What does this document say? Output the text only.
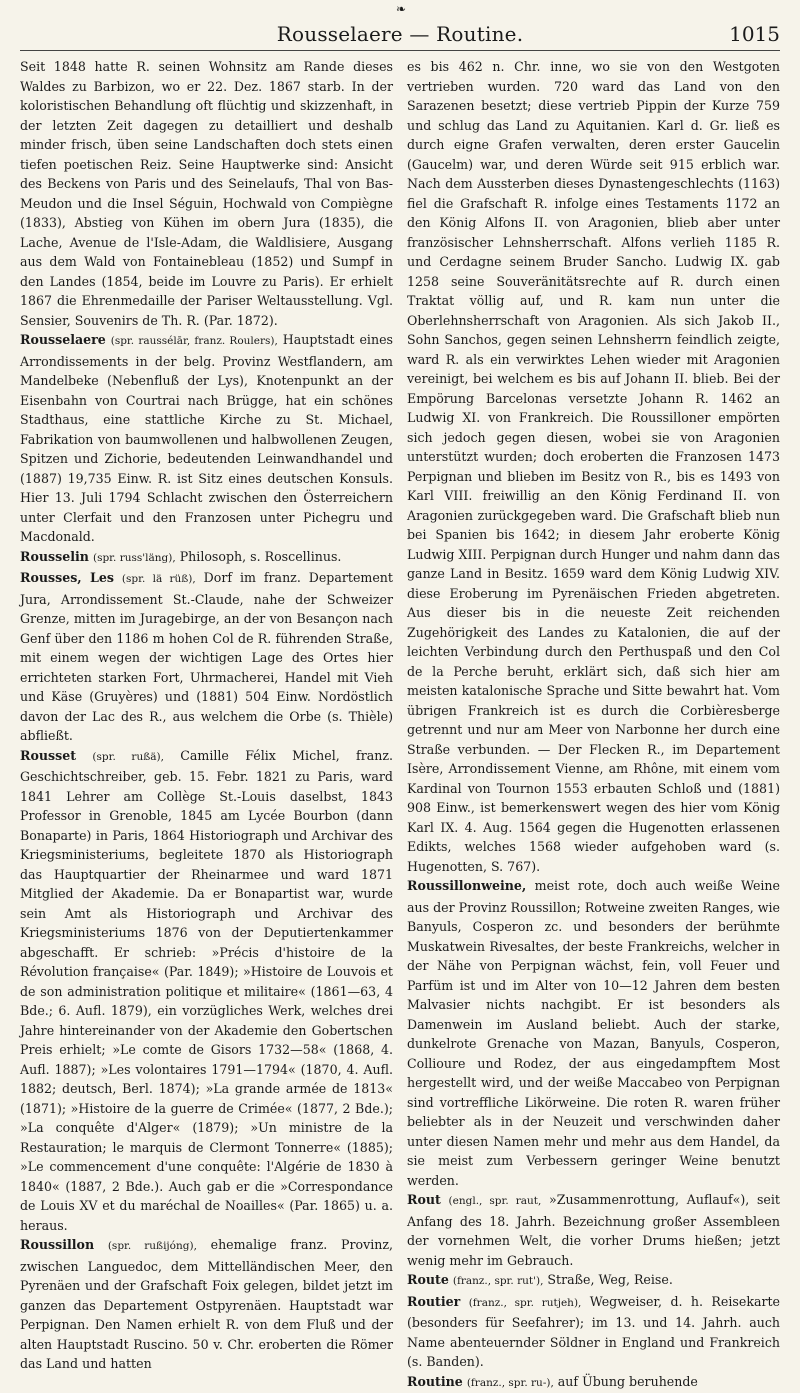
❧
Rousselaere — Routine.	1015

Seit 1848 hatte R. seinen Wohnsitz am Rande dieses Waldes zu Barbizon, wo er 22. Dez. 1867 starb. In der koloristischen Behandlung oft flüchtig und skizzenhaft, in der letzten Zeit dagegen zu detailliert und deshalb minder frisch, üben seine Landschaften doch stets einen tiefen poetischen Reiz. Seine Hauptwerke sind: Ansicht des Beckens von Paris und des Seinelaufs, Thal von Bas-Meudon und die Insel Séguin, Hochwald von Compiègne (1833), Abstieg von Kühen im obern Jura (1835), die Lache, Avenue de l'Isle-Adam, die Waldlisiere, Ausgang aus dem Wald von Fontainebleau (1852) und Sumpf in den Landes (1854, beide im Louvre zu Paris). Er erhielt 1867 die Ehrenmedaille der Pariser Weltausstellung. Vgl. Sensier, Souvenirs de Th. R. (Par. 1872).

Rousselaere (spr. raussélār, franz. Roulers), Hauptstadt eines Arrondissements in der belg. Provinz Westflandern, am Mandelbeke (Nebenfluß der Lys), Knotenpunkt an der Eisenbahn von Courtrai nach Brügge, hat ein schönes Stadthaus, eine stattliche Kirche zu St. Michael, Fabrikation von baumwollenen und halbwollenen Zeugen, Spitzen und Zichorie, bedeutenden Leinwandhandel und (1887) 19,735 Einw. R. ist Sitz eines deutschen Konsuls. Hier 13. Juli 1794 Schlacht zwischen den Österreichern unter Clerfait und den Franzosen unter Pichegru und Macdonald.

Rousselin (spr. russ'läng), Philosoph, s. Roscellinus.

Rousses, Les (spr. lä rüß), Dorf im franz. Departement Jura, Arrondissement St.-Claude, nahe der Schweizer Grenze, mitten im Juragebirge, an der von Besançon nach Genf über den 1186 m hohen Col de R. führenden Straße, mit einem wegen der wichtigen Lage des Ortes hier errichteten starken Fort, Uhrmacherei, Handel mit Vieh und Käse (Gruyères) und (1881) 504 Einw. Nordöstlich davon der Lac des R., aus welchem die Orbe (s. Thièle) abfließt.

Rousset (spr. rußä), Camille Félix Michel, franz. Geschichtschreiber, geb. 15. Febr. 1821 zu Paris, ward 1841 Lehrer am Collège St.-Louis daselbst, 1843 Professor in Grenoble, 1845 am Lycée Bourbon (dann Bonaparte) in Paris, 1864 Historiograph und Archivar des Kriegsministeriums, begleitete 1870 als Historiograph das Hauptquartier der Rheinarmee und ward 1871 Mitglied der Akademie. Da er Bonapartist war, wurde sein Amt als Historiograph und Archivar des Kriegsministeriums 1876 von der Deputiertenkammer abgeschafft. Er schrieb: »Précis d'histoire de la Révolution française« (Par. 1849); »Histoire de Louvois et de son administration politique et militaire« (1861—63, 4 Bde.; 6. Aufl. 1879), ein vorzügliches Werk, welches drei Jahre hintereinander von der Akademie den Gobertschen Preis erhielt; »Le comte de Gisors 1732—58« (1868, 4. Aufl. 1887); »Les volontaires 1791—1794« (1870, 4. Aufl. 1882; deutsch, Berl. 1874); »La grande armée de 1813« (1871); »Histoire de la guerre de Crimée« (1877, 2 Bde.); »La conquête d'Alger« (1879); »Un ministre de la Restauration; le marquis de Clermont Tonnerre« (1885); »Le commencement d'une conquête: l'Algérie de 1830 à 1840« (1887, 2 Bde.). Auch gab er die »Correspondance de Louis XV et du maréchal de Noailles« (Par. 1865) u. a. heraus.

Roussillon (spr. rußijóng), ehemalige franz. Provinz, zwischen Languedoc, dem Mittelländischen Meer, den Pyrenäen und der Grafschaft Foix gelegen, bildet jetzt im ganzen das Departement Ostpyrenäen. Hauptstadt war Perpignan. Den Namen erhielt R. von dem Fluß und der alten Hauptstadt Ruscino. 50 v. Chr. eroberten die Römer das Land und hatten

es bis 462 n. Chr. inne, wo sie von den Westgoten vertrieben wurden. 720 ward das Land von den Sarazenen besetzt; diese vertrieb Pippin der Kurze 759 und schlug das Land zu Aquitanien. Karl d. Gr. ließ es durch eigne Grafen verwalten, deren erster Gaucelin (Gaucelm) war, und deren Würde seit 915 erblich war. Nach dem Aussterben dieses Dynastengeschlechts (1163) fiel die Grafschaft R. infolge eines Testaments 1172 an den König Alfons II. von Aragonien, blieb aber unter französischer Lehnsherrschaft. Alfons verlieh 1185 R. und Cerdagne seinem Bruder Sancho. Ludwig IX. gab 1258 seine Souveränitätsrechte auf R. durch einen Traktat völlig auf, und R. kam nun unter die Oberlehnsherrschaft von Aragonien. Als sich Jakob II., Sohn Sanchos, gegen seinen Lehnsherrn feindlich zeigte, ward R. als ein verwirktes Lehen wieder mit Aragonien vereinigt, bei welchem es bis auf Johann II. blieb. Bei der Empörung Barcelonas versetzte Johann R. 1462 an Ludwig XI. von Frankreich. Die Roussilloner empörten sich jedoch gegen diesen, wobei sie von Aragonien unterstützt wurden; doch eroberten die Franzosen 1473 Perpignan und blieben im Besitz von R., bis es 1493 von Karl VIII. freiwillig an den König Ferdinand II. von Aragonien zurückgegeben ward. Die Grafschaft blieb nun bei Spanien bis 1642; in diesem Jahr eroberte König Ludwig XIII. Perpignan durch Hunger und nahm dann das ganze Land in Besitz. 1659 ward dem König Ludwig XIV. diese Eroberung im Pyrenäischen Frieden abgetreten. Aus dieser bis in die neueste Zeit reichenden Zugehörigkeit des Landes zu Katalonien, die auf der leichten Verbindung durch den Perthuspaß und den Col de la Perche beruht, erklärt sich, daß sich hier am meisten katalonische Sprache und Sitte bewahrt hat. Vom übrigen Frankreich ist es durch die Corbièresberge getrennt und nur am Meer von Narbonne her durch eine Straße verbunden. — Der Flecken R., im Departement Isère, Arrondissement Vienne, am Rhône, mit einem vom Kardinal von Tournon 1553 erbauten Schloß und (1881) 908 Einw., ist bemerkenswert wegen des hier vom König Karl IX. 4. Aug. 1564 gegen die Hugenotten erlassenen Edikts, welches 1568 wieder aufgehoben ward (s. Hugenotten, S. 767).

Roussillonweine, meist rote, doch auch weiße Weine aus der Provinz Roussillon; Rotweine zweiten Ranges, wie Banyuls, Cosperon zc. und besonders der berühmte Muskatwein Rivesaltes, der beste Frankreichs, welcher in der Nähe von Perpignan wächst, fein, voll Feuer und Parfüm ist und im Alter von 10—12 Jahren dem besten Malvasier nichts nachgibt. Er ist besonders als Damenwein im Ausland beliebt. Auch der starke, dunkelrote Grenache von Mazan, Banyuls, Cosperon, Collioure und Rodez, der aus eingedampftem Most hergestellt wird, und der weiße Maccabeo von Perpignan sind vortreffliche Likörweine. Die roten R. waren früher beliebter als in der Neuzeit und verschwinden daher unter diesen Namen mehr und mehr aus dem Handel, da sie meist zum Verbessern geringer Weine benutzt werden.

Rout (engl., spr. raut, »Zusammenrottung, Auflauf«), seit Anfang des 18. Jahrh. Bezeichnung großer Assembleen der vornehmen Welt, die vorher Drums hießen; jetzt wenig mehr im Gebrauch.

Route (franz., spr. rut'), Straße, Weg, Reise.

Routier (franz., spr. rutjeh), Wegweiser, d. h. Reisekarte (besonders für Seefahrer); im 13. und 14. Jahrh. auch Name abenteuernder Söldner in England und Frankreich (s. Banden).

Routine (franz., spr. ru-), auf Übung beruhende
